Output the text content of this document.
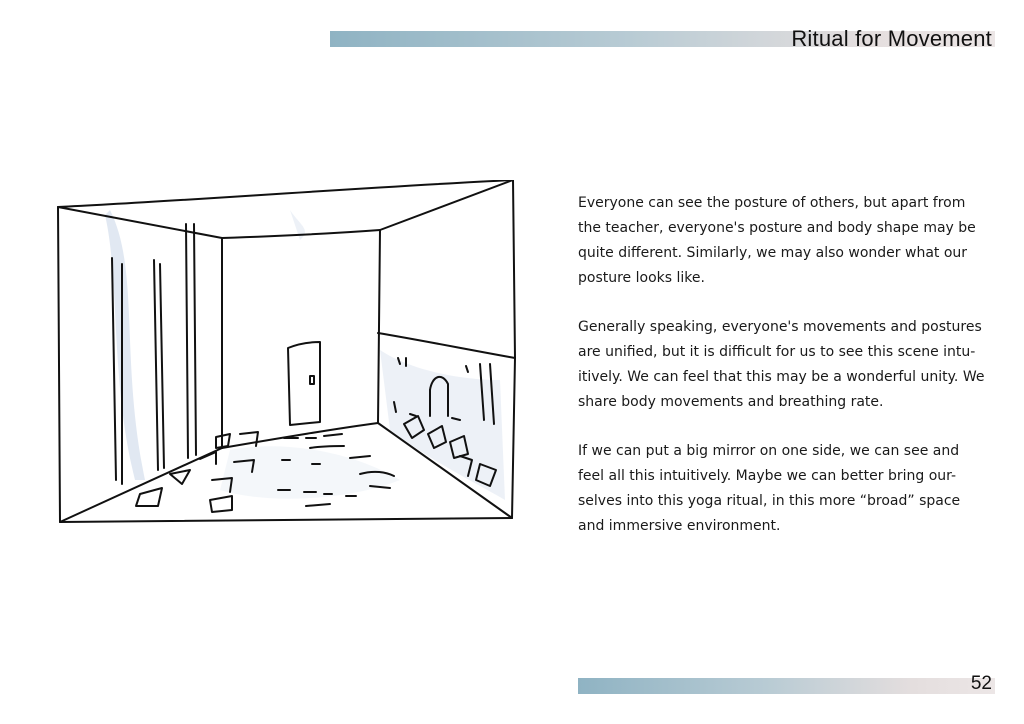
Ritual for Movement

Everyone can see the posture of others, but apart from
the teacher, everyone's posture and body shape may be
quite different. Similarly, we may also wonder what our
posture looks like.

Generally speaking, everyone's movements and postures
are unified, but it is difficult for us to see this scene intu-
itively. We can feel that this may be a wonderful unity. We
share body movements and breathing rate.

If we can put a big mirror on one side, we can see and
feel all this intuitively. Maybe we can better bring our-
selves into this yoga ritual, in this more “broad” space
and immersive environment.

52
